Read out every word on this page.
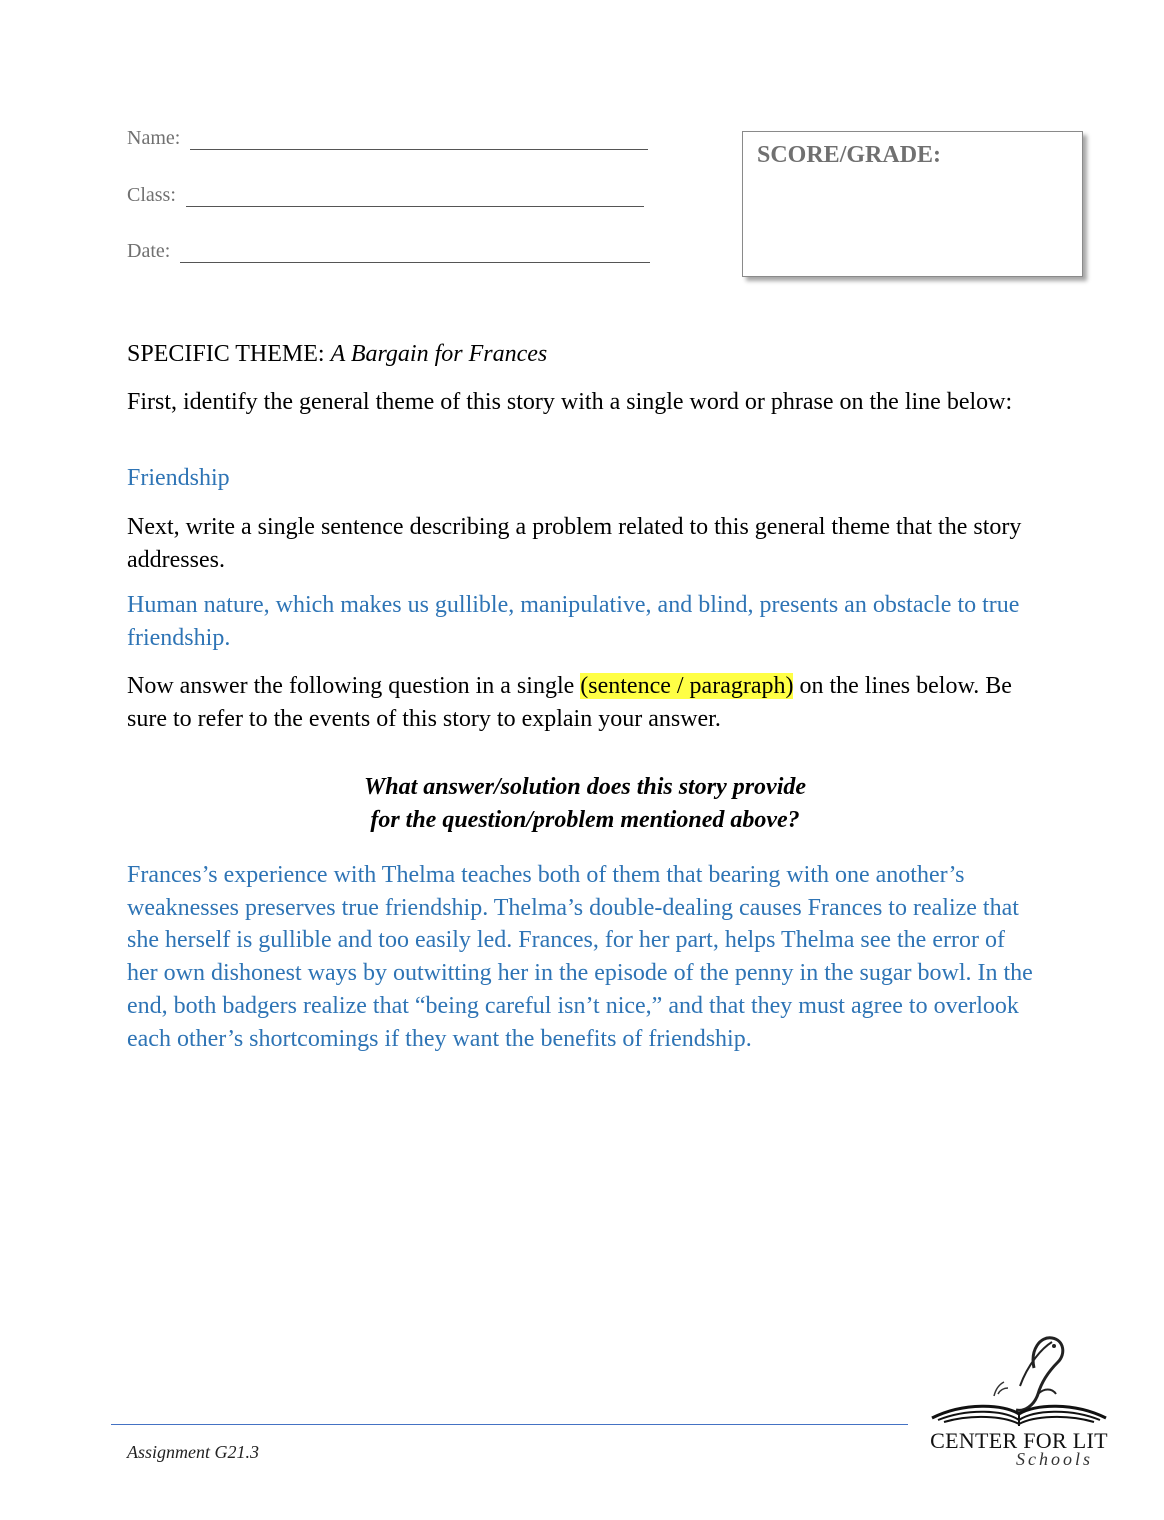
Name:
Class:
Date:
SCORE/GRADE:
SPECIFIC THEME: A Bargain for Frances
First, identify the general theme of this story with a single word or phrase on the line below:
Friendship
Next, write a single sentence describing a problem related to this general theme that the story addresses.
Human nature, which makes us gullible, manipulative, and blind, presents an obstacle to true friendship.
Now answer the following question in a single (sentence / paragraph) on the lines below. Be sure to refer to the events of this story to explain your answer.
What answer/solution does this story provide
for the question/problem mentioned above?
Frances’s experience with Thelma teaches both of them that bearing with one another’s weaknesses preserves true friendship. Thelma’s double-dealing causes Frances to realize that she herself is gullible and too easily led. Frances, for her part, helps Thelma see the error of her own dishonest ways by outwitting her in the episode of the penny in the sugar bowl. In the end, both badgers realize that “being careful isn’t nice,” and that they must agree to overlook each other’s shortcomings if they want the benefits of friendship.
Assignment G21.3	CENTER FOR LIT
Schools
